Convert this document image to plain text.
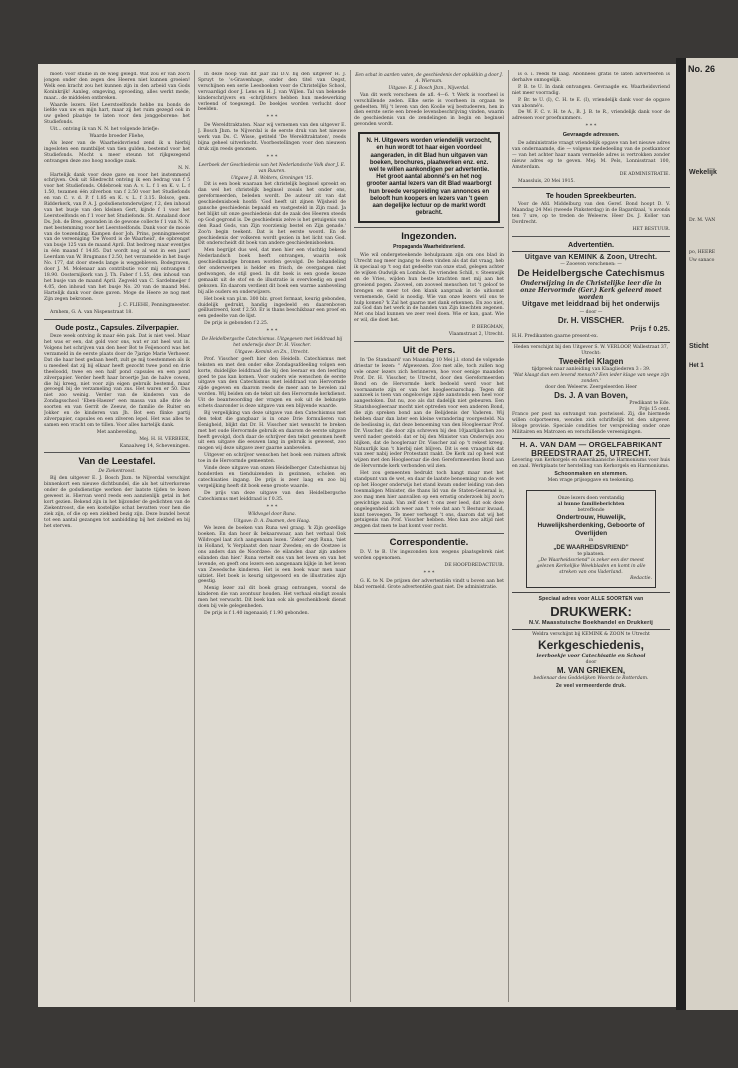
moet: voor studie in de wieg gelegd. Wat zou er van zoo'n jongen onder den zegen des Heeren niet kunnen groeien! Welk een kracht zou het kunnen zijn in den arbeid van Gods Koninkrijk! Aanleg, omgeving, opvoeding, alles werkt mede, maar... de middelen ontbreken.

Waarde lezers. Het Leerstoelfonds hebbe nu bonds de liefde van uw en mijn hart, maar zij het ruim gezegd ook in uw gebed plaatsje te laten voor den jonggeborene: het Studiefonds.

Uit... ontving ik van N. N. het volgende briefje:

Waarde broeder Fliehe,

Als lezer van de Waarheidsvriend zend ik u hierbij ingesloten een muntbiljet van tien gulden, bestemd voor het Studiefonds. Mocht u meer steunn tot rijkgezegend ontvangen deze zoo hoog noodige zaak.

N. N.

Hartelijk dank voor deze gave en voor het instemmend schrijven. Ook uit Sliedrecht ontving ik een bedrag van f 5 voor het Studiefonds. Oldebroek van A. v. L. f 1 en K. v. L. f 1.50, tezamen één zilverbon van f 2.50 voor het Studiefonds en van C. v. d. P. f 1.85 en K. v. L. f 3.15. Bolsce, gem. Ridderkerk, van P. A. J. godsdienstonderwijzer, f 2, den inhoud van het busje van den kleinen Gert, kijnde f 1 voor het Leerstoelfonds en f 1 voor het Studiefonds. St. Annaland door Ds. Joh. de Bres, gezonden in de gewone collecte f 1 van N. N. met bestemming voor het Leerstoelfonds. Dank voor de mooie van de toezending. Kampen door Joh. Prins, penningmeester van de vereeniging 'De Woord is de Waarheid', de opbrengst van busje 125 van de maand April. Dat bedroeg maar eventjes in één maand f 14.85. Dat wordt nog al wat in een jaar! Leerdam van W. Brugmans f 2.50, het verzamelde in het busje No. 177, dat door steeds lange is weggebleven. Bodegraven, door J. M. Molenaar aan contributie voor mij ontvangen f 18.90. Oosternijkerk van J. Th. Faber f 1.55, den inhoud van het busje van de maand April. Zegveld van C. Sardelmeijer f 4.05, den inhoud van het busje No. 20 van de maand Mei. Hartelijk dank voor deze gaven. Moge de Heere ze nog met Zijn zegen bekronen.

J. C. FLIEHE, Penningmeester.

Arnhem, G. A. van Nispenstraat 18.

Oude postz., Capsules. Zilverpapier.

Deze week ontving ik maar één pak. Dat is niet veel. Maar het was er een, dat gold voor ons, wat er zat heel wat in. Volgens het schrijven van den heer Bot te Feijenoord was het verzameld in de eerste plaats door de 7jarige Marie Verhoeer. Dat die haar best gedaan heeft, zult ge mij toestemmen als ik u meedeel dat zij bij elkaar heeft gezocht twee pond en drie theeloodd, twee en een half pond capsules en een pond zilverpapier. Verder heeft haar broertje Jan de halve cowen, die hij kreeg, niet voor zijn eigen gebruik bestemd, maar gevoegd bij de verzameling van zus. Het waren er 50. Dus niet zoo weinig. Verder van de kinderen van de Zondagsschool 'Eben-Haezer' een massa van alle drie de soorten en van Gerrit de Zeeuw, de familie de Ruiter en Jokker en de kinderen van Jh. Bot een flinke partij zilverpapier, capsules en een zilveren lepel. Het was alles te samen een vracht om te tillen. Voor alles hartelijk dank.

Met aanbeveling,

Mej. H. H. VERBEEK,

Kanaalweg 14, Scheveningen.

Van de Leestafel.
De Ziekentroost.

Bij den uitgever E. J. Bosch Jbzn. te Nijverdal verschijnt binnenkort een nieuwe dichtbundel, die als het uitverkorene onder de godsdienstige werken der laatste tijden te lezen geweest is. Hiervan werd reeds een aanzienlijk getal in het kort gezien. Bekend zijn in het bijzonder de gedichten van de Ziekentroost, die een kostelijke schat bevatten voor hen die ziek zijn, of die op een ziekbed bezig zijn. Deze bundel bevat tot een aantal gezangen tot aanbidding bij het ziekbed en bij het sterven.

In deze hoop van dit jaar zal D.V. bij den uitgever H. J. Spruyt te 's-Gravenhage, onder den titel van Oogst, verschijnen een serie Leesboeken voor de Christelijke School, vervaardigd door J. Lens en H. J. van Wijlen. Tal van bekende kinderschrijvers en -schrijfsters hebben hun medewerking verleend of toegezegd. De boekjes worden verlucht door beelden.

* * *

De Wereldtraktaten. Naar wij vernemen van den uitgever E. J. Bosch Jbzn. te Nijverdal is de eerste druk van het nieuwe werk van Ds. C. Wisse, getiteld 'De Wereldtraktaten', reeds bijna geheel uitverkocht. Voorbestellingen voor den nieuwen druk zijn reeds genomen.

* * *
Leerboek der Geschiedenis van het Nederlandsche Volk door J. E. van Ruuren.
Uitgave J. B. Wolters, Groningen '15.

Dit is een boek waaraan het christelijk beginsel spreekt en dan wel het christelijk beginsel zooals het onder ons, gereformeerden, beleden wordt. De auteur zit van dat geschiedenisboek hoofd: 'God heeft uit zijnen Wijsheid de gansche geschiedenis bepaald en vastgesteld in Zijn raad. Ja het blijkt uit onze geschiedenis dat de zaak des Heeren steeds op God gegrond is. De geschiedenis zelve is het getuigenis van den Raad Gods, van Zijn voorzienig bestel en Zijn genade.' Zoo'n begin teekent. Dat is het eerste woord. En de geschiedenis der volkeren wordt gezien in het licht van God. Dit onderscheidt dit boek van andere geschiedenisboeken.

Men begrijpt dus wel, dat men hier een vluchtig bekend Nederlandsch boek heeft ontvangen, waarin ook geschiedkundige bronnen worden gevolgd. De behandeling der onderwerpen is helder en frisch, de overgangen niet gedwongen, de stijl goed. In dit boek is een goede keuze gemaakt uit de stof en de illustratie is overvloedig en goed gekozen. En daarom verdient dit boek een warme aanbeveling bij alle ouders en onderwijzers.

Het boek van pl.m. 300 blz. groot formaat, keurig gebonden, duidelijk gedrukt, handig ingedeeld en daarenboven geïllustreerd, kost f 2.50. Er is thans beschikbaar een proef en een gedeelte van de lijst.

De prijs is gebonden f 2.25.

* * *
De Heidelbergsche Catechismus. Uitgegeven met leiddraad bij het onderwijs door Dr. H. Visscher.
Uitgave: Kemink en Zn., Utrecht.

Prof. Visscher geeft hier den Heidelb. Catechismus met teksten en met den onder elke Zondagsafdeeling volgen een korte, duidelijke leiddraad die bij den leeraar en den leerling goed te pas kan komen. Voor ouders wie wenschen de eerste uitgave van den Catechismus met leiddraad van Hervormde zijde gegeven en daarom reeds de meer aan te bevelen zal worden. Wij beiden om de tekst uit den Hervormde kerkdienst. Uit de beantwoording der vragen en ook uit de beknopte schets daaronder is deze uitgave van een blijvende waarde.

Bij vergelijking van deze uitgave van den Catechismus met den tekst die gangbaar is in onze Drie formulieren van Eenigheid, blijkt dat Dr. H. Visscher niet wenscht te breken met het oude Hervormde gebruik en daarom de eerste uitgave heeft gevolgd, doch daar de schrijver den tekst genomen heeft uit een uitgave die eeuwen lang in gebruik is geweest, zoo mogen wij deze uitgave zeer gaarne aanbevelen.

Uitgever en schrijver wenschen het boek een ruimen aftrek toe in de Hervormde gemeenten.

Vinde deze uitgave van onzen Heidelberger Catechismus bij honderden en tienduizenden in gezinnen, scholen en catechisaties ingang. De prijs is zeer laag en zoo bij vergelijking heeft dit boek eene groote waarde.

De prijs van deze uitgave van den Heidelbergsche Catechismus met leiddraad is f 0.35.

* * *
Wildvogel door Runa.
Uitgave: D. A. Daamen, den Haag.

We lezen de boeken van Runa wel graag. 'k Zijn gezellige boeken. En dan hoor ik bekaarswaar, aan het verhaal Ook Wildvogel laat zich aangenaam lezen. 'Zeker' zegt Runa, 'niet in Holland, 'k Verplaatst den naar Zweden; en de Oostzee is ons anders dan de Noordzee: de eilanden daar zijn andere eilanden dan hier.' Runa vertelt ons van het leven en van het levende, en geeft ons lezers een aangenaam kijkje in het leven van Zweedsche kinderen. Het is een boek waar men naar uitziet. Het boek is keurig uitgevoerd en de illustraties zijn geestig.

Menig lezer zal dit boek graag ontvangen, vooral de kinderen die van avontuur houden. Het verhaal eindigt zooals men het verwacht. Dit boek kan ook als geschenkboek dienst doen bij vele gelegenheden.

De prijs is f 1.40 ingenaaid; f 1.90 gebonden.

Een schat in aarden vaten, de geschiedenis der opluikkin g door J. A. Wiersum.
Uitgave: E. J. Bosch Jbzn., Nijverdal.

Van dit werk verscheen de afl. 4—6. 't Werk is voorheel is verschillende zeden. Elke serie is voorheen in orgaan te gedeelten. Wij 't leven van den Koolie wij bestudeeren, hen in dien eerste serie een breede levensbeschrijving vinden, waarin de geschiedenis van de zendelingen in begin en beginsel gevonden wordt.

N. H. Uitgevers worden vriendelijk verzocht, en hun wordt tot haar eigen voordeel aangeraden, in dit Blad hun uitgaven van boeken, brochures, plaatwerken enz. enz. wel te willen aankondigen per advertentie. Het groot aantal abonné's en het nog grooter aantal lezers van dit Blad waarborgt hun breede verspreiding van annonces en belooft hun koopers en lezers van 't geen aan degelijke lectuur op de markt wordt gebracht.
Ingezonden.
Propaganda Waarheidsvriend.

Wie wil ondergeteekende behulpzaam zijn om ons blad in Utrecht nog meer ingang te doen vinden als dat dat vraag, heb ik speciaal op 't oog dat gedeelte van onze stad, gelegen achter de wijken Oudwijk en Lombok. De vrienden Schill, v. Steenwijk en de Vries, wijden hun beste krachten met mij aan het groeiend pogen. Zooveel, om zooveel menschen tot 't geloof te brengen en meer tot den klank aanpraak in de uitkomst vernemende, Geld is noodig. Wie van onze lezers wil ons te hulp komen? 'k Zal het gaarne met dank erkennen. En zoo niet, zal God dan het werk in de handen van Zijn knechten zegenen. Met ons blad kunnen we zeer veel doen. Wie er kan, gaat. Wie er wil, die doet het.

P. BERGMAN,

Vlaamstraat 2, Utrecht.

Uit de Pers.

In 'De Standaard' van Maandag 10 Mei j.l. stond de volgende driestar te lezen: '' Afgewezen. Zoo met alle, toch zullen nog vele onzer lezers zich herinneren, hoe voor eenige maanden Prof. Dr. H. Visscher, te Utrecht, door den Gereformeerden Bond en de Hervormde kerk bedoeld werd voor het voornaamste zijn er van het hoogleeraarschap. Tegen dit aanzoek is toen van ongeloovige zijde aanstonds een heel voor aangestoken. Dat nu, zoo als dat dadelijk niet gebeuren. Een Staatshoogleeraar mocht niet optreden voor een anderen Bond, die zijn spreken bond aan de Belijdenis der Vaderen. Wij hebben daar dan later een kleine verandering voorgesteld. Na de beslissing is, dat deze benoeming van den Hoogleeraar Prof. Dr. Visscher, die door zijn schreven bij den 10jaarlijkschen zoo werd nader gesteld: dat er bij den Minister van Onderwijs zou blijken, dat de hoogleraar Dr. Visscher zal op 't rekest kreeg. Natuurlijk kan 't hierbij niet blijven. Dit is een vraagstuk dat van zeer nabij ieder Protestant raakt. De Kerk zal op heel wat wijzen met den Hoogleeraar die den Gereformeerden Bond aan de Hervormde kerk verbonden wil zien.

Het zou gemeenten bedrukt toch hangt maar met het standpunt van de wet, en daar de laatste benoeming van de wet op het Hooger onderwijs het stand kwam onder leiding van den toenmaligen Minister, die thans lid van de Staten-Generaal is, zoo mag men hier aanvallen op een ernstig onderzoek bij zoo'n gewichtige zaak. Van zelf doet 't ons zeer leed, dat ook deze ongelegenheid zich weer aan 't vele dat aan 't Bestuur kwaad, kunt toevoegen. Te meer verheugt 't ons, daarom dat wij het getuigenis van Prof. Visscher hebben. Men kan zoo altijd niet zeggen dat men te laat komt voor recht.

Correspondentie.

D. V. te B. Uw ingezonden kon wegens plaatsgebrek niet worden opgenomen.

DE HOOFDREDACTEUR.

* * *

G. K. te N. De prijzen der advertentiën vindt u boven aan het blad vermeld. Grote advertentiën gaat niet. De administratie.

is o. i. reeds te laag. Abonnees gratis te laten adverteeren is derhalve onmogelijk.

P. B. te U. In dank ontvangen. Gevraagde ex. Waarheidsvriend niet meer voorradig.

P. Br. te U. (I), C. H. te E. (I), vriendelijk dank voor de opgave van abonné's.

De W. F. C. v. H. te A., B. J. B. te R., vriendelijk dank voor de adressen voor proefnummers.

* * *
Gevraagde adressen.

De administratie vraagt vriendelijk opgave van het nieuwe adres van ondernaamde, die — volgens mededeeling van de postkantoor — van het achter haar naam vermelde adres is vertrokken zonder nieuw adres op te geven. Mej. M. Pels, Lonnisstraat 100, Amsterdam.

DE ADMINISTRATIE.

Maassluis, 20 Mei 1915.

Te houden Spreekbeurten.

Voor de Afd. Middelburg van den Geref. Bond hoopt D. V. Maandag 24 Mei (tweede Pinksterdag) in de Bagardzaal, 's avonds ten 7 ure, op te treden de Weleerw. Heer Ds. J. Koller van Dordrecht.

HET BESTUUR.

Advertentiën.
Uitgave van KEMINK & Zoon, Utrecht.
— Zooeven verschenen: —
De Heidelbergsche Catechismus
Onderwijzing in de Christelijke leer die in onze Hervormde (Ger.) Kerk geleerd moet worden
Uitgave met leiddraad bij het onderwijs
— door —
Dr. H. VISSCHER.
Prijs f 0.25.
H.H. Predikanten gaarne present-ex.
Heden verschijnt bij den Uitgever S. W. VERLOOP, Wallestraat 37, Utrecht:
Tweeërlei Klagen
tijdpreek naar aanleiding van Klaagliederen 3 : 39.
'Wat klaagt dan een levend mensch? Een ieder klage van wege zijn zonden.'
door den Weleerw. Zeergeleerden Heer
Ds. J. A van Boven,
Predikant te Ede.
Prijs 15 cent.
Franco per post na ontvangst van postwissel. Zij, die hiermede willen colporteeren, wenden zich schriftelijk tot den uitgever. Hooge provisie. Speciale condities ter verspreiding onder onze Militairen en Matrozen en verschillende vereenigingen.
H. A. VAN DAM — ORGELFABRIKANT
BREEDSTRAAT 25, UTRECHT.
Levering van Kerkorgels en Amerikaansche Harmoniums voor huis en zaal. Werkplaats ter herstelling van Kerkorgels en Harmoniums.
Schoonmaken en stemmen.
Men vrage prijsopgave en teekening.
Onze lezers doen verstandig
al hunne familieberichten
betreffende
Ondertrouw, Huwelijk, Huwelijksherdenking, Geboorte of Overlijden
in
„DE WAARHEIDSVRIEND"
te plaatsen.
„De Waarheidsvriend" is zeker een der meest gelezen Kerkelijke Weekbladen en komt in alle streken van ons Vaderland.
Redactie.
Speciaal adres voor ALLE SOORTEN van
DRUKWERK:
N.V. Maasstuische Boekhandel en Drukkerij
Weldra verschijnt bij KEMINK & ZOON te Utrecht
Kerkgeschiedenis,
leerboekje voor Catechisatie en School
door
M. VAN GRIEKEN,
bedienaar des Goddelijken Woords te Rotterdam.
2e veel vermeerderde druk.
No. 26
Wekelijk
Dr. M. VAN
po, HEERE
Uw sanaco
Sticht
Het 1
